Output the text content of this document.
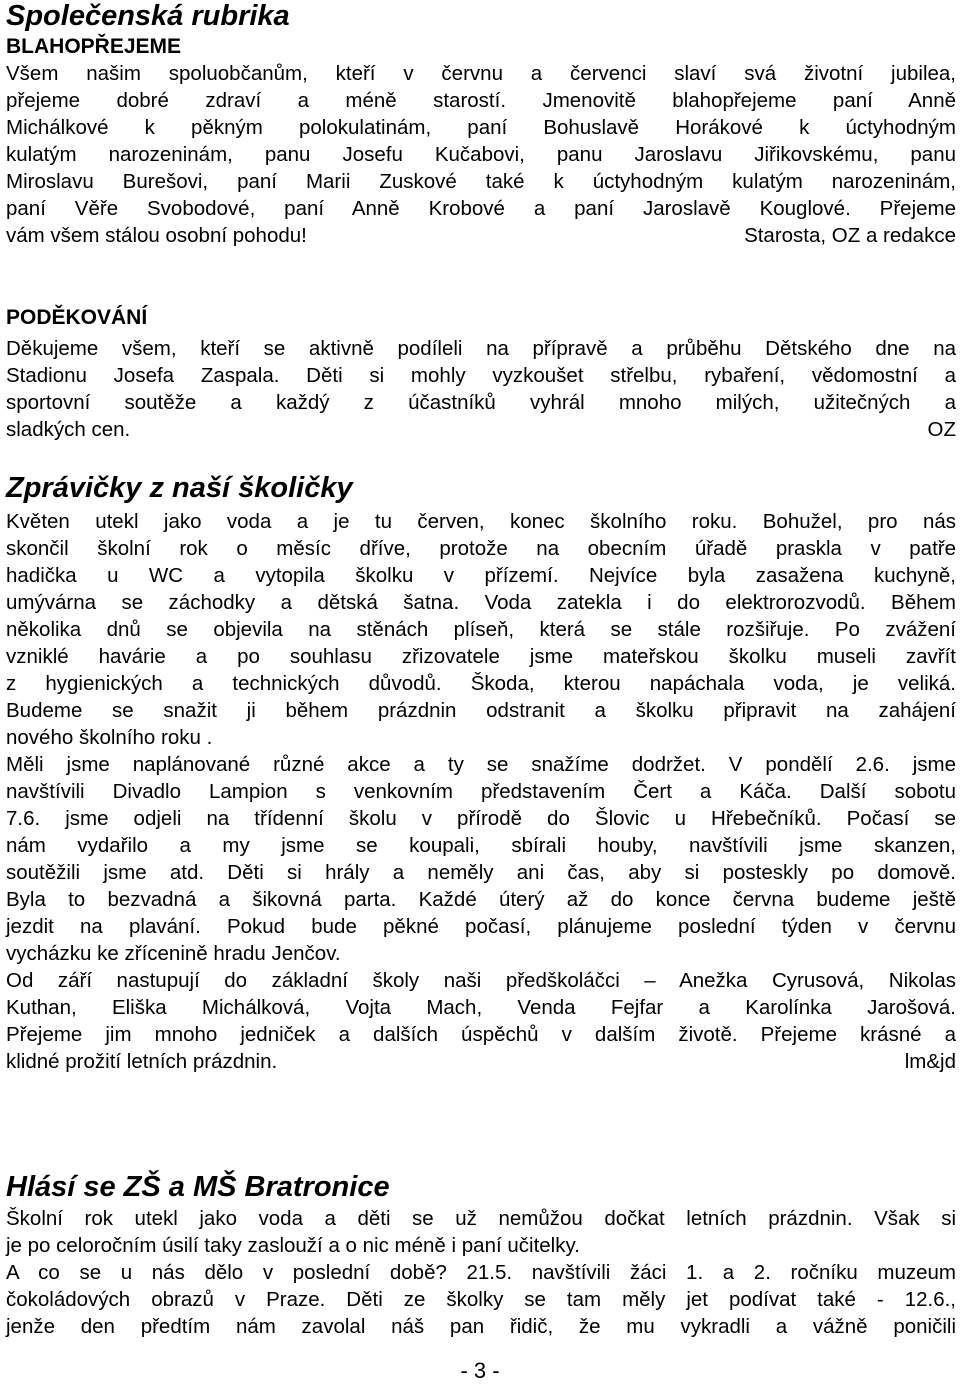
Společenská rubrika
BLAHOPŘEJEME
Všem našim spoluobčanům, kteří v červnu a červenci slaví svá životní jubilea,
přejeme dobré zdraví a méně starostí. Jmenovitě blahopřejeme paní Anně
Michálkové k pěkným polokulatinám, paní Bohuslavě Horákové k úctyhodným
kulatým narozeninám, panu Josefu Kučabovi, panu Jaroslavu Jiřikovskému, panu
Miroslavu Burešovi, paní Marii Zuskové také k úctyhodným kulatým narozeninám,
paní Věře Svobodové, paní Anně Krobové a paní Jaroslavě Kouglové. Přejeme
vám všem stálou osobní pohodu!	Starosta, OZ a redakce
PODĚKOVÁNÍ
Děkujeme všem, kteří se aktivně podíleli na přípravě a průběhu Dětského dne na
Stadionu Josefa Zaspala. Děti si mohly vyzkoušet střelbu, rybaření, vědomostní a
sportovní soutěže a každý z účastníků vyhrál mnoho milých, užitečných a
sladkých cen.	OZ
Zprávičky z naší školičky
Květen utekl jako voda a je tu červen, konec školního roku. Bohužel, pro nás
skončil školní rok o měsíc dříve, protože na obecním úřadě praskla v patře
hadička u WC a vytopila školku v přízemí. Nejvíce byla zasažena kuchyně,
umývárna se záchodky a dětská šatna. Voda zatekla i do elektrorozvodů. Během
několika dnů se objevila na stěnách plíseň, která se stále rozšiřuje. Po zvážení
vzniklé havárie a po souhlasu zřizovatele jsme mateřskou školku museli zavřít
z hygienických a technických důvodů. Škoda, kterou napáchala voda, je veliká.
Budeme se snažit ji během prázdnin odstranit a školku připravit na zahájení
nového školního roku .
Měli jsme naplánované různé akce a ty se snažíme dodržet. V pondělí 2.6. jsme
navštívili Divadlo Lampion s venkovním představením Čert a Káča. Další sobotu
7.6. jsme odjeli na třídenní školu v přírodě do Šlovic u Hřebečníků. Počasí se
nám vydařilo a my jsme se koupali, sbírali houby, navštívili jsme skanzen,
soutěžili jsme atd. Děti si hrály a neměly ani čas, aby si posteskly po domově.
Byla to bezvadná a šikovná parta. Každé úterý až do konce června budeme ještě
jezdit na plavání. Pokud bude pěkné počasí, plánujeme poslední týden v červnu
vycházku ke zřícenině hradu Jenčov.
Od září nastupují do základní školy naši předškoláčci – Anežka Cyrusová, Nikolas
Kuthan, Eliška Michálková, Vojta Mach, Venda Fejfar a Karolínka Jarošová.
Přejeme jim mnoho jedniček a dalších úspěchů v dalším životě. Přejeme krásné a
klidné prožití letních prázdnin.	lm&jd
Hlásí se ZŠ a MŠ Bratronice
Školní rok utekl jako voda a děti se už nemůžou dočkat letních prázdnin. Však si
je po celoročním úsilí taky zaslouží a o nic méně i paní učitelky.
A co se u nás dělo v poslední době? 21.5. navštívili žáci 1. a 2. ročníku muzeum
čokoládových obrazů v Praze. Děti ze školky se tam měly jet podívat také - 12.6.,
jenže den předtím nám zavolal náš pan řidič, že mu vykradli a vážně poničili
- 3 -
